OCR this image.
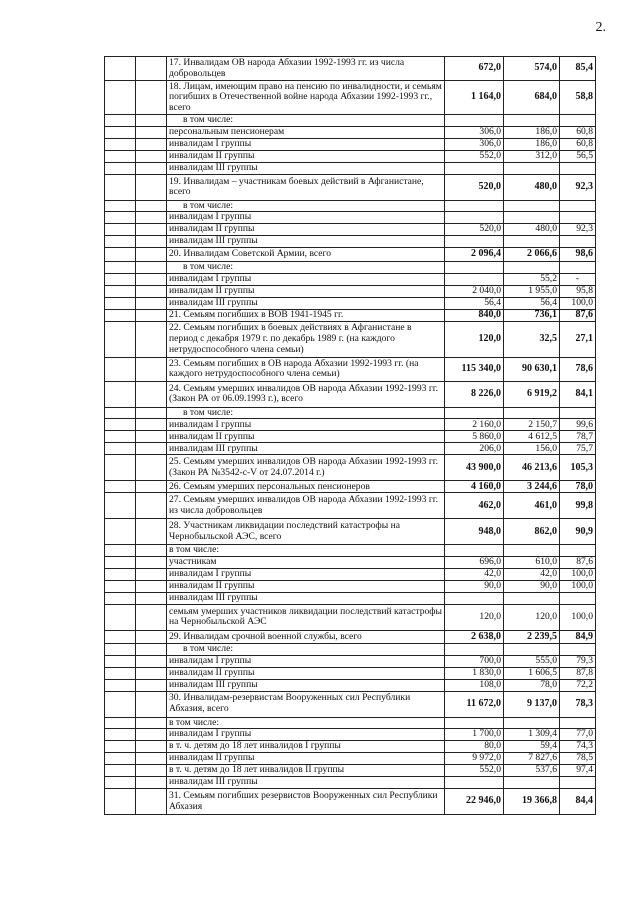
2.
		17. Инвалидам ОВ народа Абхазии 1992-1993 гг. из числа добровольцев	672,0	574,0	85,4
		18. Лицам, имеющим право на пенсию по инвалидности, и семьям погибших в Отечественной войне народа Абхазии 1992-1993 гг., всего	1 164,0	684,0	58,8
		в том числе:			
		персональным пенсионерам	306,0	186,0	60,8
		инвалидам I группы	306,0	186,0	60,8
		инвалидам II группы	552,0	312,0	56,5
		инвалидам III группы			
		19. Инвалидам – участникам боевых действий в Афганистане, всего	520,0	480,0	92,3
		в том числе:			
		инвалидам I группы			
		инвалидам II группы	520,0	480,0	92,3
		инвалидам III группы			
		20. Инвалидам Советской Армии, всего	2 096,4	2 066,6	98,6
		в том числе:			
		инвалидам I группы		55,2	-
		инвалидам II группы	2 040,0	1 955,0	95,8
		инвалидам III группы	56,4	56,4	100,0
		21. Семьям погибших в ВОВ 1941-1945 гг.	840,0	736,1	87,6
		22. Семьям погибших в боевых действиях в Афганистане в период с декабря 1979 г. по декабрь 1989 г. (на каждого нетрудоспособного члена семьи)	120,0	32,5	27,1
		23. Семьям погибших в ОВ народа Абхазии 1992-1993 гг. (на каждого нетрудоспособного члена семьи)	115 340,0	90 630,1	78,6
		24. Семьям умерших инвалидов ОВ народа Абхазии 1992-1993 гг. (Закон РА от 06.09.1993 г.), всего	8 226,0	6 919,2	84,1
		в том числе:			
		инвалидам I группы	2 160,0	2 150,7	99,6
		инвалидам II группы	5 860,0	4 612,5	78,7
		инвалидам III группы	206,0	156,0	75,7
		25. Семьям умерших инвалидов ОВ народа Абхазии 1992-1993 гг. (Закон РА №3542-с-V от 24.07.2014 г.)	43 900,0	46 213,6	105,3
		26. Семьям умерших персональных пенсионеров	4 160,0	3 244,6	78,0
		27. Семьям умерших инвалидов ОВ народа Абхазии 1992-1993 гг. из числа добровольцев	462,0	461,0	99,8
		28. Участникам ликвидации последствий катастрофы на Чернобыльской АЭС, всего	948,0	862,0	90,9
		в том числе:			
		участникам	696,0	610,0	87,6
		инвалидам I группы	42,0	42,0	100,0
		инвалидам II группы	90,0	90,0	100,0
		инвалидам III группы			
		семьям умерших участников ликвидации последствий катастрофы на Чернобыльской АЭС	120,0	120,0	100,0
		29. Инвалидам срочной военной службы, всего	2 638,0	2 239,5	84,9
		в том числе:			
		инвалидам I группы	700,0	555,0	79,3
		инвалидам II группы	1 830,0	1 606,5	87,8
		инвалидам III группы	108,0	78,0	72,2
		30. Инвалидам-резервистам Вооруженных сил Республики Абхазия, всего	11 672,0	9 137,0	78,3
		в том числе:			
		инвалидам I группы	1 700,0	1 309,4	77,0
		в т. ч. детям до 18 лет инвалидов I группы	80,0	59,4	74,3
		инвалидам II группы	9 972,0	7 827,6	78,5
		в т. ч. детям до 18 лет инвалидов II группы	552,0	537,6	97,4
		инвалидам III группы			
		31. Семьям погибших резервистов Вооруженных сил Республики Абхазия	22 946,0	19 366,8	84,4
